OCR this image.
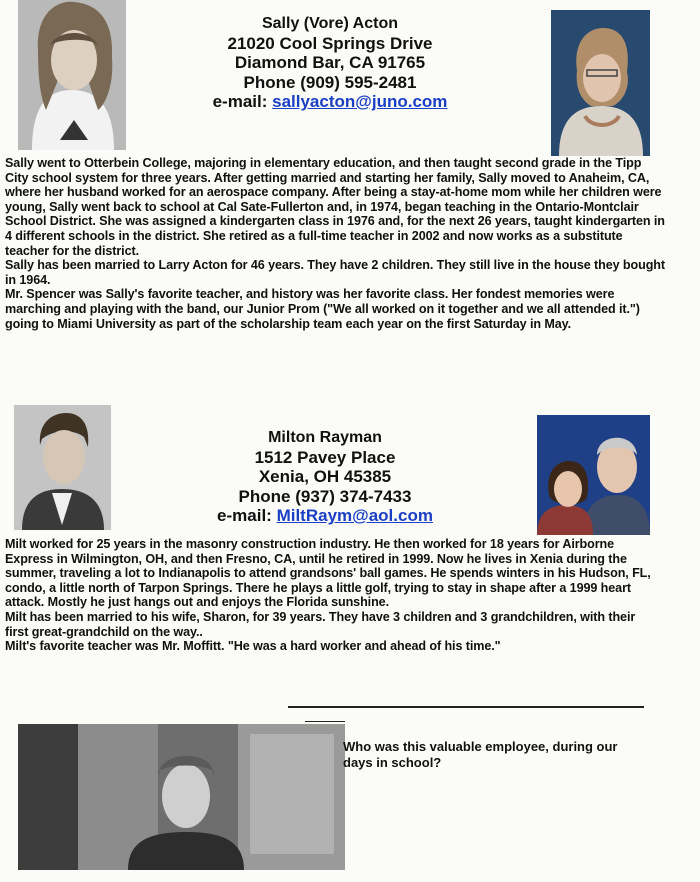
Sally (Vore) Acton
21020 Cool Springs Drive
Diamond Bar, CA 91765
Phone (909) 595-2481
e-mail: sallyacton@juno.com

Sally went to Otterbein College, majoring in elementary education, and then taught second grade in the Tipp City school system for three years. After getting married and starting her family, Sally moved to Anaheim, CA, where her husband worked for an aerospace company. After being a stay-at-home mom while her children were young, Sally went back to school at Cal Sate-Fullerton and, in 1974, began teaching in the Ontario-Montclair School District. She was assigned a kindergarten class in 1976 and, for the next 26 years, taught kindergarten in 4 different schools in the district. She retired as a full-time teacher in 2002 and now works as a substitute teacher for the district.

Sally has been married to Larry Acton for 46 years. They have 2 children. They still live in the house they bought in 1964.

Mr. Spencer was Sally's favorite teacher, and history was her favorite class. Her fondest memories were marching and playing with the band, our Junior Prom ("We all worked on it together and we all attended it.") going to Miami University as part of the scholarship team each year on the first Saturday in May.

Milton Rayman
1512 Pavey Place
Xenia, OH 45385
Phone (937) 374-7433
e-mail: MiltRaym@aol.com

Milt worked for 25 years in the masonry construction industry. He then worked for 18 years for Airborne Express in Wilmington, OH, and then Fresno, CA, until he retired in 1999. Now he lives in Xenia during the summer, traveling a lot to Indianapolis to attend grandsons' ball games. He spends winters in his Hudson, FL, condo, a little north of Tarpon Springs. There he plays a little golf, trying to stay in shape after a 1999 heart attack. Mostly he just hangs out and enjoys the Florida sunshine.

Milt has been married to his wife, Sharon, for 39 years. They have 3 children and 3 grandchildren, with their first great-grandchild on the way..

Milt's favorite teacher was Mr. Moffitt. "He was a hard worker and ahead of his time."

Who was this valuable employee, during our days in school?
